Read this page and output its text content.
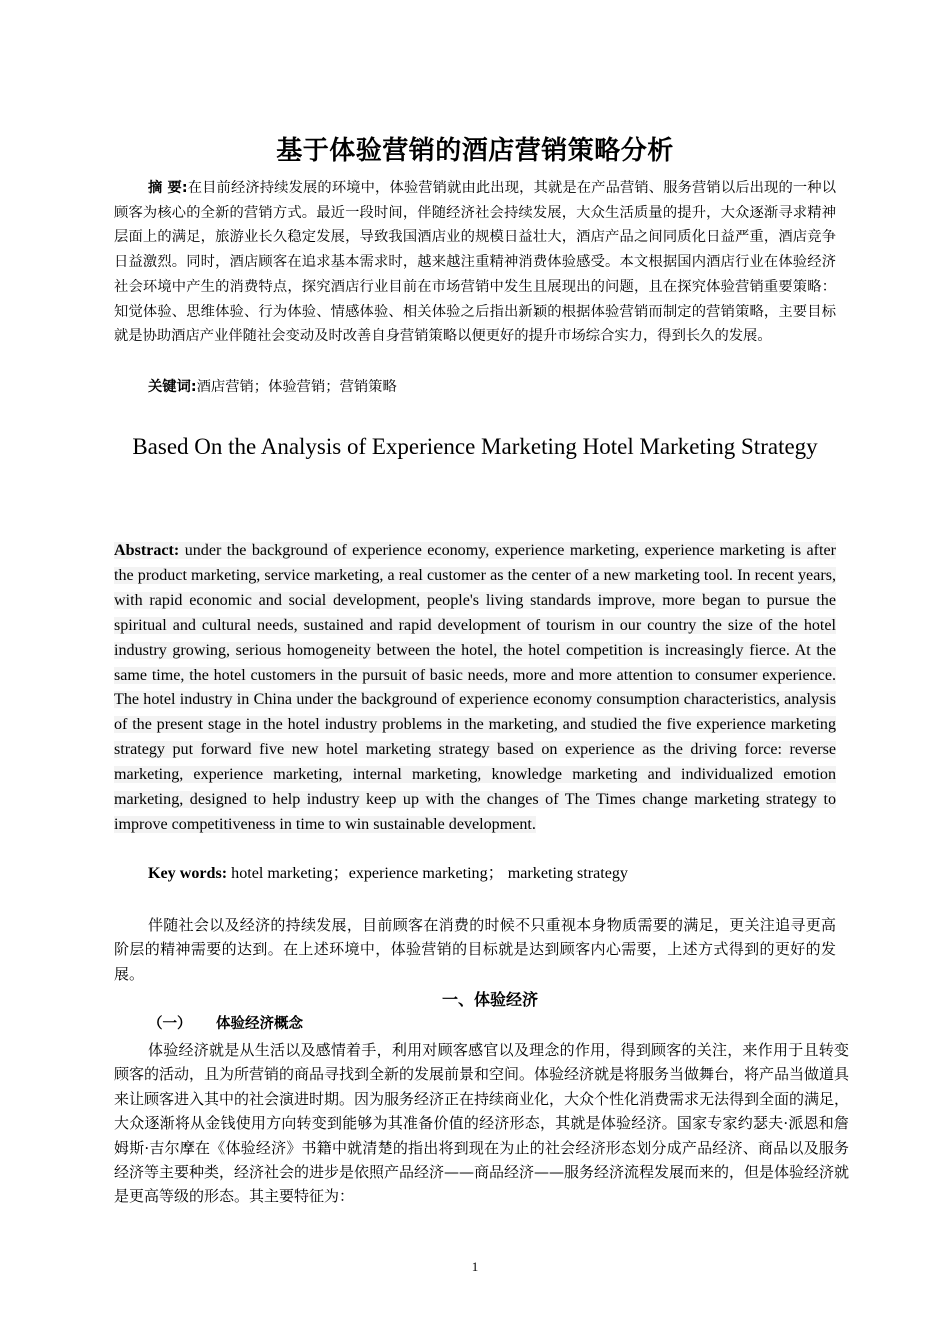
基于体验营销的酒店营销策略分析
摘 要:在目前经济持续发展的环境中，体验营销就由此出现，其就是在产品营销、服务营销以后出现的一种以顾客为核心的全新的营销方式。最近一段时间，伴随经济社会持续发展，大众生活质量的提升，大众逐渐寻求精神层面上的满足，旅游业长久稳定发展，导致我国酒店业的规模日益壮大，酒店产品之间同质化日益严重，酒店竞争日益激烈。同时，酒店顾客在追求基本需求时，越来越注重精神消费体验感受。本文根据国内酒店行业在体验经济社会环境中产生的消费特点，探究酒店行业目前在市场营销中发生且展现出的问题，且在探究体验营销重要策略：知觉体验、思维体验、行为体验、情感体验、相关体验之后指出新颖的根据体验营销而制定的营销策略，主要目标就是协助酒店产业伴随社会变动及时改善自身营销策略以便更好的提升市场综合实力，得到长久的发展。
关键词:酒店营销；体验营销；营销策略
Based On the Analysis of Experience Marketing Hotel Marketing Strategy
Abstract: under the background of experience economy, experience marketing, experience marketing is after the product marketing, service marketing, a real customer as the center of a new marketing tool. In recent years, with rapid economic and social development, people's living standards improve, more began to pursue the spiritual and cultural needs, sustained and rapid development of tourism in our country the size of the hotel industry growing, serious homogeneity between the hotel, the hotel competition is increasingly fierce. At the same time, the hotel customers in the pursuit of basic needs, more and more attention to consumer experience. The hotel industry in China under the background of experience economy consumption characteristics, analysis of the present stage in the hotel industry problems in the marketing, and studied the five experience marketing strategy put forward five new hotel marketing strategy based on experience as the driving force: reverse marketing, experience marketing, internal marketing, knowledge marketing and individualized emotion marketing, designed to help industry keep up with the changes of The Times change marketing strategy to improve competitiveness in time to win sustainable development.
Key words: hotel marketing；experience marketing； marketing strategy
伴随社会以及经济的持续发展，目前顾客在消费的时候不只重视本身物质需要的满足，更关注追寻更高阶层的精神需要的达到。在上述环境中，体验营销的目标就是达到顾客内心需要，上述方式得到的更好的发展。
一、体验经济
（一） 体验经济概念
体验经济就是从生活以及感情着手，利用对顾客感官以及理念的作用，得到顾客的关注，来作用于且转变顾客的活动，且为所营销的商品寻找到全新的发展前景和空间。体验经济就是将服务当做舞台，将产品当做道具来让顾客进入其中的社会演进时期。因为服务经济正在持续商业化，大众个性化消费需求无法得到全面的满足，大众逐渐将从金钱使用方向转变到能够为其准备价值的经济形态，其就是体验经济。国家专家约瑟夫·派恩和詹姆斯·吉尔摩在《体验经济》书籍中就清楚的指出将到现在为止的社会经济形态划分成产品经济、商品以及服务经济等主要种类，经济社会的进步是依照产品经济——商品经济——服务经济流程发展而来的，但是体验经济就是更高等级的形态。其主要特征为：
1
